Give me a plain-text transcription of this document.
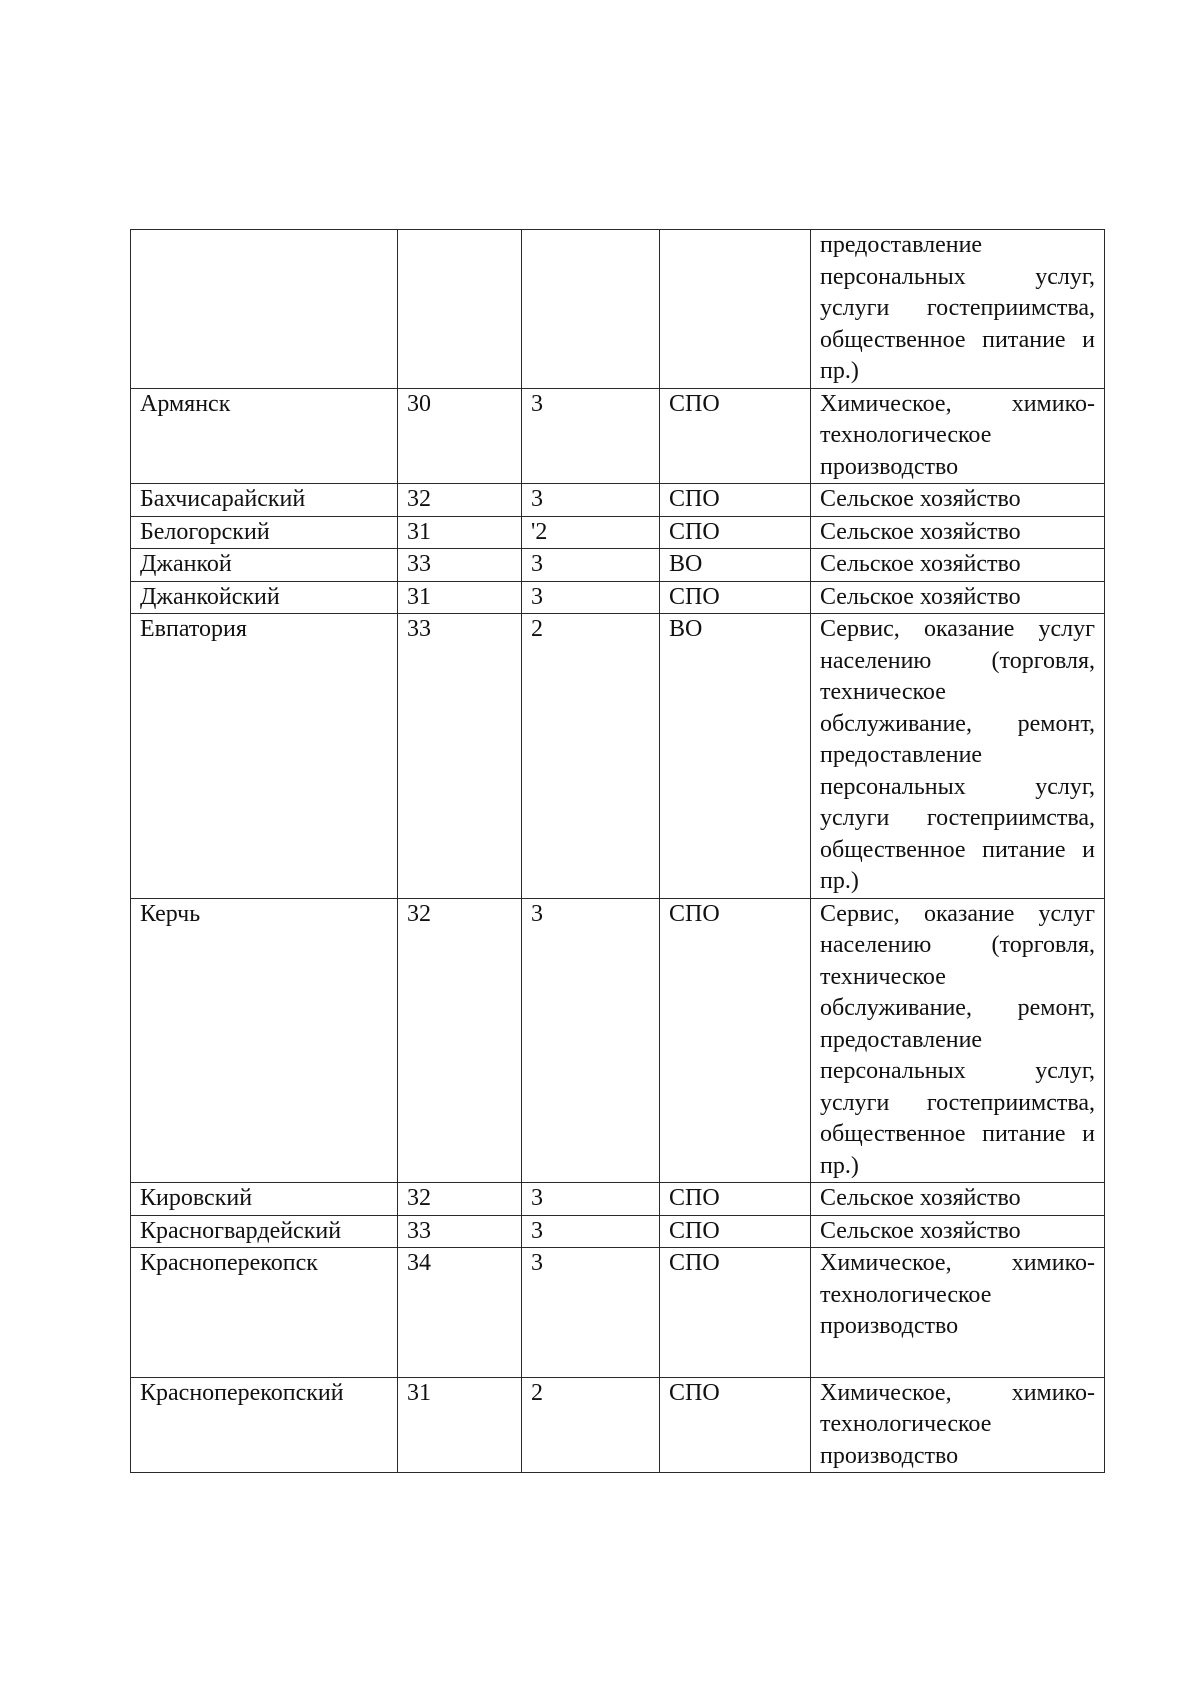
				предоставление персональных услуг, услуги гостеприимства, общественное питание и пр.)
Армянск	30	3	СПО	Химическое, химико-технологическое производство
Бахчисарайский	32	3	СПО	Сельское хозяйство
Белогорский	31	'2	СПО	Сельское хозяйство
Джанкой	33	3	ВО	Сельское хозяйство
Джанкойский	31	3	СПО	Сельское хозяйство
Евпатория	33	2	ВО	Сервис, оказание услуг населению (торговля, техническое обслуживание, ремонт, предоставление персональных услуг, услуги гостеприимства, общественное питание и пр.)
Керчь	32	3	СПО	Сервис, оказание услуг населению (торговля, техническое обслуживание, ремонт, предоставление персональных услуг, услуги гостеприимства, общественное питание и пр.)
Кировский	32	3	СПО	Сельское хозяйство
Красногвардейский	33	3	СПО	Сельское хозяйство
Красноперекопск	34	3	СПО	Химическое, химико-технологическое производство
Красноперекопский	31	2	СПО	Химическое, химико-технологическое производство
